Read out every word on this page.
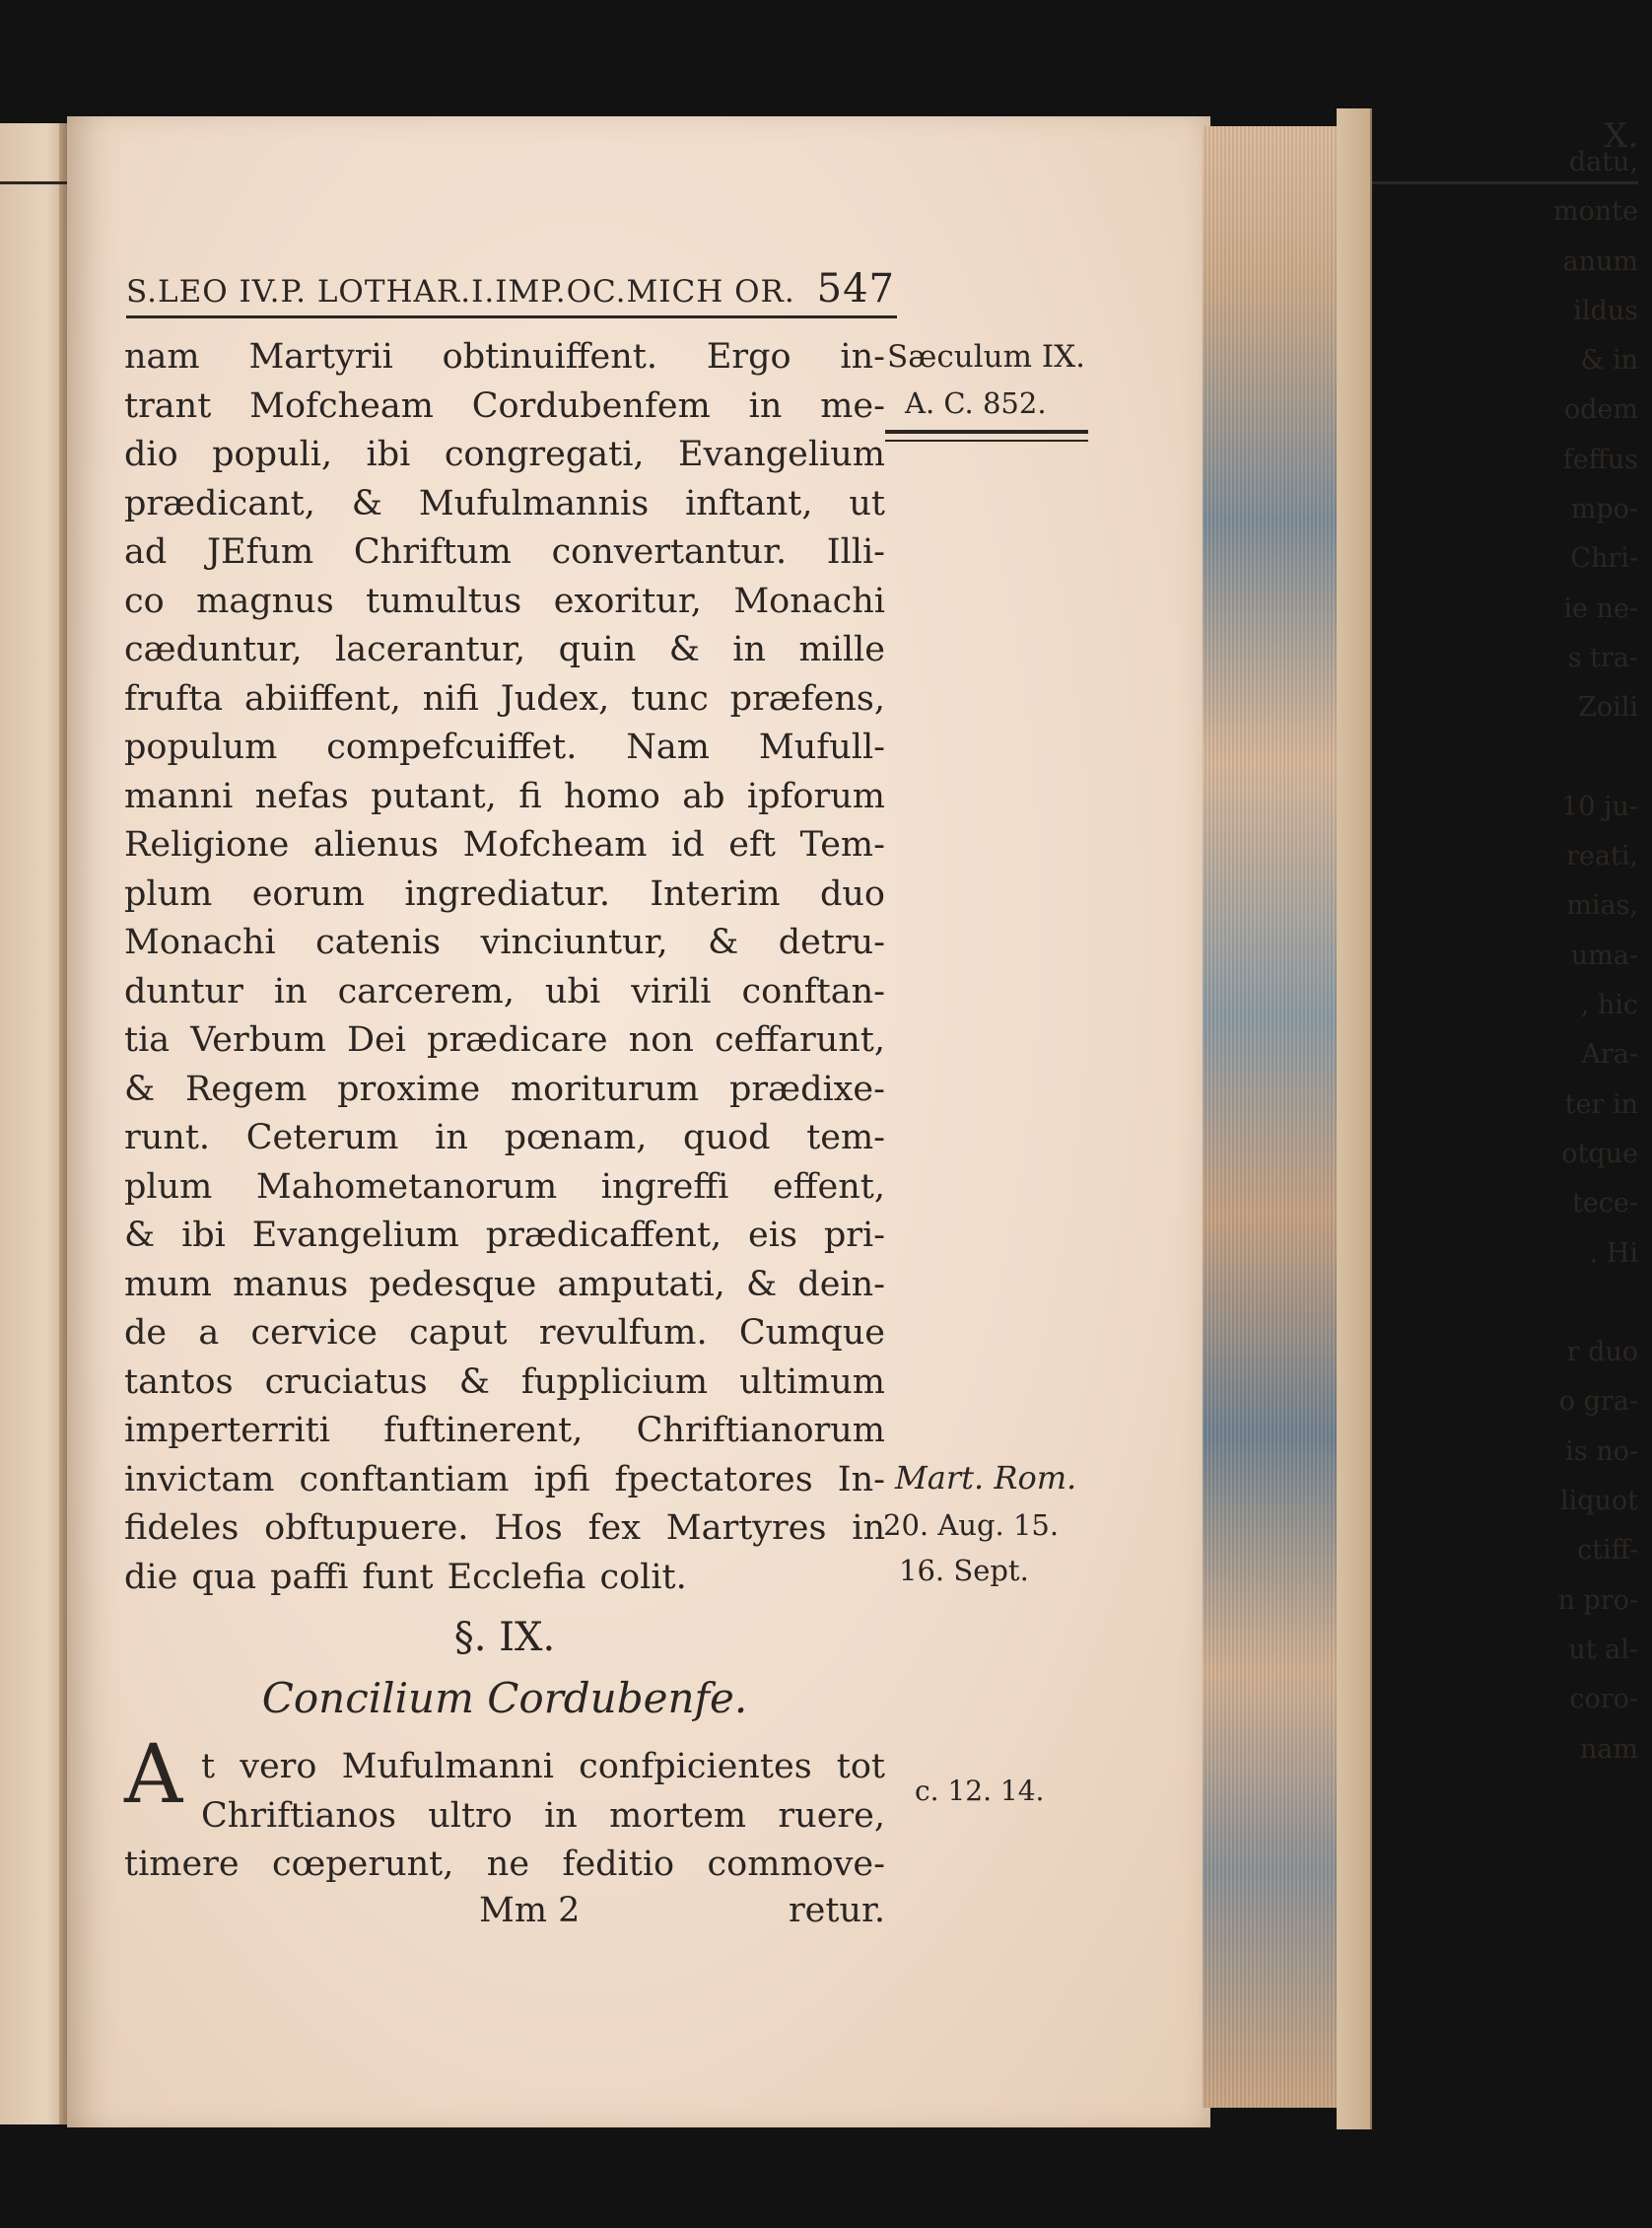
X.
datu,
monte
anum
ildus
& in
odem
feffus
mpo-
Chri-
ie ne-
s tra-
Zoili

10 ju-
reati,
mias,
uma-
, hic
Ara-
ter in
otque
tece-
. Hi

r duo
o gra-
is no-
liquot
ctiff-
n pro-
ut al-
coro-
nam
S.LEO IV.P. LOTHAR.I.IMP.OC.MICH OR. 547
Sæculum IX.
A. C. 852.
nam Martyrii obtinuiffent. Ergo in-
trant Mofcheam Cordubenfem in me-
dio populi, ibi congregati, Evangelium
prædicant, & Mufulmannis inftant, ut
ad JEfum Chriftum convertantur. Illi-
co magnus tumultus exoritur, Monachi
cæduntur, lacerantur, quin & in mille
frufta abiiffent, nifi Judex, tunc præfens,
populum compefcuiffet. Nam Mufull-
manni nefas putant, fi homo ab ipforum
Religione alienus Mofcheam id eft Tem-
plum eorum ingrediatur. Interim duo
Monachi catenis vinciuntur, & detru-
duntur in carcerem, ubi virili conftan-
tia Verbum Dei prædicare non ceffarunt,
& Regem proxime moriturum prædixe-
runt. Ceterum in pœnam, quod tem-
plum Mahometanorum ingreffi effent,
& ibi Evangelium prædicaffent, eis pri-
mum manus pedesque amputati, & dein-
de a cervice caput revulfum. Cumque
tantos cruciatus & fupplicium ultimum
imperterriti fuftinerent, Chriftianorum
invictam conftantiam ipfi fpectatores In-
fideles obftupuere. Hos fex Martyres in
die qua paffi funt Ecclefia colit.
Mart. Rom.
20. Aug. 15.
16. Sept.
§. IX.
Concilium Cordubenfe.
A t vero Mufulmanni confpicientes tot
Chriftianos ultro in mortem ruere,
timere cœperunt, ne feditio commove-
c. 12. 14.
Mm 2	retur.
